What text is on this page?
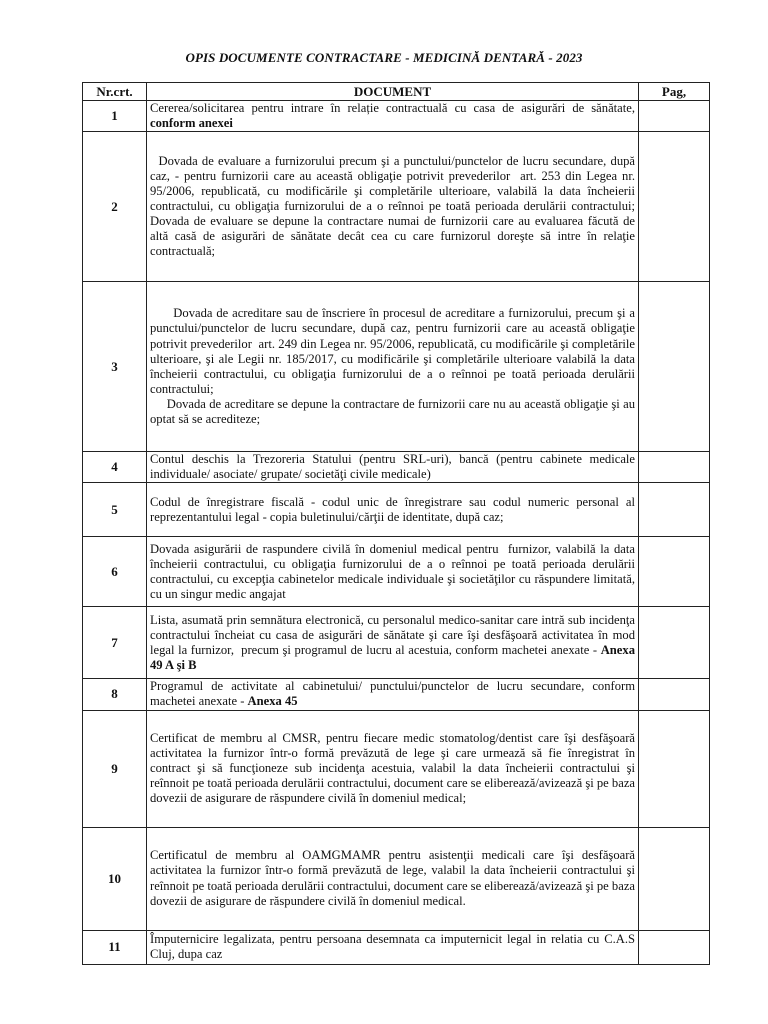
OPIS DOCUMENTE CONTRACTARE - MEDICINĂ DENTARĂ - 2023
Nr.crt.	DOCUMENT	Pag,
1	Cererea/solicitarea pentru intrare în relație contractuală cu casa de asigurări de sănătate, conform anexei	

2	Dovada de evaluare a furnizorului precum şi a punctului/punctelor de lucru secundare, după caz, - pentru furnizorii care au această obligaţie potrivit prevederilor  art. 253 din Legea nr. 95/2006, republicată, cu modificările şi completările ulterioare, valabilă la data încheierii contractului, cu obligaţia furnizorului de a o reînnoi pe toată perioada derulării contractului; Dovada de evaluare se depune la contractare numai de furnizorii care au evaluarea făcută de altă casă de asigurări de sănătate decât cea cu care furnizorul doreşte să intre în relaţie contractuală;	

3	Dovada de acreditare sau de înscriere în procesul de acreditare a furnizorului, precum şi a punctului/punctelor de lucru secundare, după caz, pentru furnizorii care au această obligaţie potrivit prevederilor  art. 249 din Legea nr. 95/2006, republicată, cu modificările şi completările ulterioare, şi ale Legii nr. 185/2017, cu modificările şi completările ulterioare valabilă la data încheierii contractului, cu obligaţia furnizorului de a o reînnoi pe toată perioada derulării contractului;
Dovada de acreditare se depune la contractare de furnizorii care nu au această obligaţie şi au optat să se acrediteze;	

4	Contul deschis la Trezoreria Statului (pentru SRL-uri), bancă (pentru cabinete medicale individuale/ asociate/ grupate/ societăţi civile medicale)	

5	Codul de înregistrare fiscală - codul unic de înregistrare sau codul numeric personal al reprezentantului legal - copia buletinului/cărţii de identitate, după caz;	

6	Dovada asigurării de raspundere civilă în domeniul medical pentru  furnizor, valabilă la data încheierii contractului, cu obligaţia furnizorului de a o reînnoi pe toată perioada derulării contractului, cu excepţia cabinetelor medicale individuale şi societăţilor cu răspundere limitată, cu un singur medic angajat	

7	Lista, asumată prin semnătura electronică, cu personalul medico-sanitar care intră sub incidenţa contractului încheiat cu casa de asigurări de sănătate şi care îşi desfăşoară activitatea în mod legal la furnizor,  precum şi programul de lucru al acestuia, conform machetei anexate - Anexa 49 A şi B	

8	Programul de activitate al cabinetului/ punctului/punctelor de lucru secundare, conform machetei anexate - Anexa 45	

9	Certificat de membru al CMSR, pentru fiecare medic stomatolog/dentist care îşi desfăşoară activitatea la furnizor într-o formă prevăzută de lege şi care urmează să fie înregistrat în contract şi să funcţioneze sub incidenţa acestuia, valabil la data încheierii contractului şi reînnoit pe toată perioada derulării contractului, document care se eliberează/avizează şi pe baza dovezii de asigurare de răspundere civilă în domeniul medical;	

10	Certificatul de membru al OAMGMAMR pentru asistenţii medicali care îşi desfăşoară activitatea la furnizor într-o formă prevăzută de lege, valabil la data încheierii contractului şi reînnoit pe toată perioada derulării contractului, document care se eliberează/avizează şi pe baza dovezii de asigurare de răspundere civilă în domeniul medical.	

11	Împuternicire legalizata, pentru persoana desemnata ca imputernicit legal in relatia cu C.A.S   Cluj, dupa caz	
